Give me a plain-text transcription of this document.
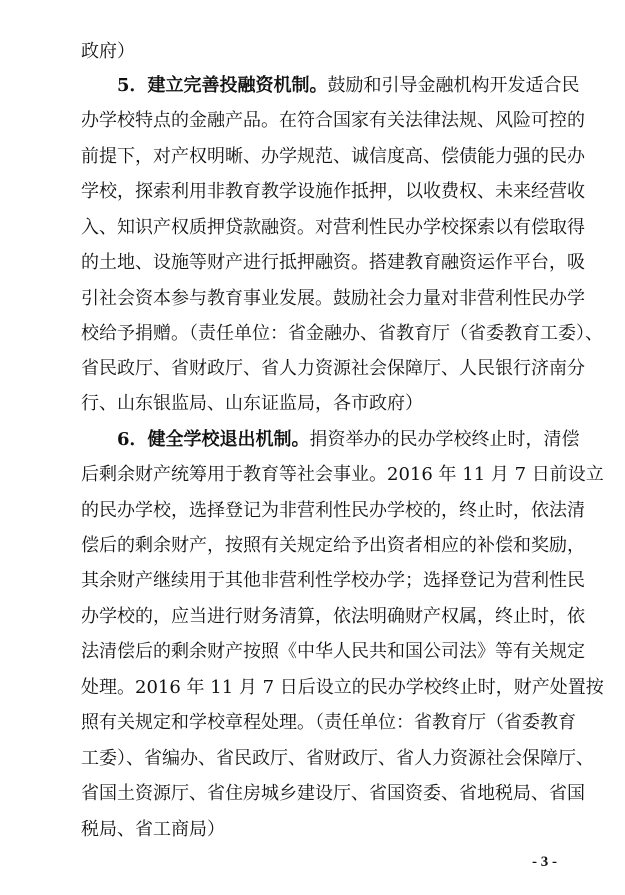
政府）

5．建立完善投融资机制。鼓励和引导金融机构开发适合民

办学校特点的金融产品。在符合国家有关法律法规、风险可控的

前提下，对产权明晰、办学规范、诚信度高、偿债能力强的民办

学校，探索利用非教育教学设施作抵押，以收费权、未来经营收

入、知识产权质押贷款融资。对营利性民办学校探索以有偿取得

的土地、设施等财产进行抵押融资。搭建教育融资运作平台，吸

引社会资本参与教育事业发展。鼓励社会力量对非营利性民办学

校给予捐赠。（责任单位：省金融办、省教育厅（省委教育工委）、

省民政厅、省财政厅、省人力资源社会保障厅、人民银行济南分

行、山东银监局、山东证监局，各市政府）

6．健全学校退出机制。捐资举办的民办学校终止时，清偿

后剩余财产统筹用于教育等社会事业。2016 年 11 月 7 日前设立

的民办学校，选择登记为非营利性民办学校的，终止时，依法清

偿后的剩余财产，按照有关规定给予出资者相应的补偿和奖励，

其余财产继续用于其他非营利性学校办学；选择登记为营利性民

办学校的，应当进行财务清算，依法明确财产权属，终止时，依

法清偿后的剩余财产按照《中华人民共和国公司法》等有关规定

处理。2016 年 11 月 7 日后设立的民办学校终止时，财产处置按

照有关规定和学校章程处理。（责任单位：省教育厅（省委教育

工委）、省编办、省民政厅、省财政厅、省人力资源社会保障厅、

省国土资源厅、省住房城乡建设厅、省国资委、省地税局、省国

税局、省工商局）

- 3 -
